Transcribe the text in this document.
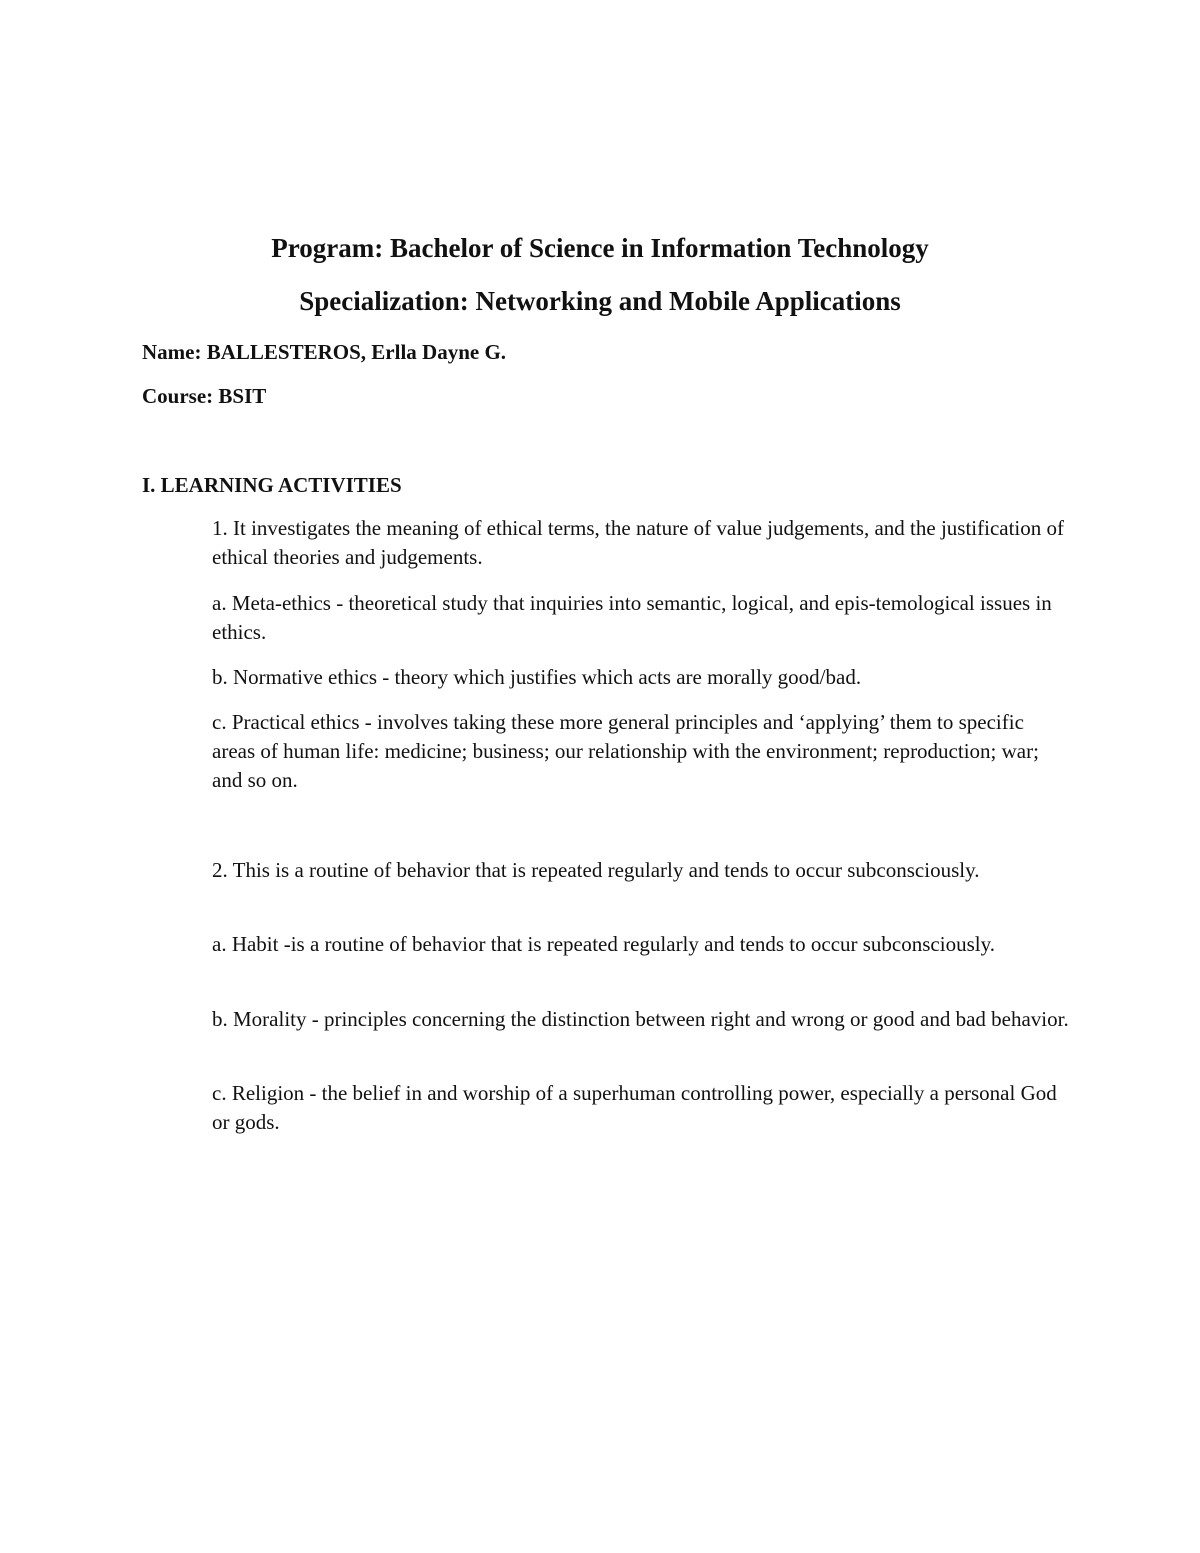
Program: Bachelor of Science in Information Technology
Specialization: Networking and Mobile Applications
Name: BALLESTEROS, Erlla Dayne G.
Course: BSIT
I. LEARNING ACTIVITIES
1. It investigates the meaning of ethical terms, the nature of value judgements, and the justification of ethical theories and judgements.
a. Meta-ethics - theoretical study that inquiries into semantic, logical, and epis-temological issues in ethics.
b. Normative ethics - theory which justifies which acts are morally good/bad.
c. Practical ethics - involves taking these more general principles and ‘applying’ them to specific areas of human life: medicine; business; our relationship with the environment; reproduction; war; and so on.
2. This is a routine of behavior that is repeated regularly and tends to occur subconsciously.
a. Habit -is a routine of behavior that is repeated regularly and tends to occur subconsciously.
b. Morality - principles concerning the distinction between right and wrong or good and bad behavior.
c. Religion - the belief in and worship of a superhuman controlling power, especially a personal God or gods.
